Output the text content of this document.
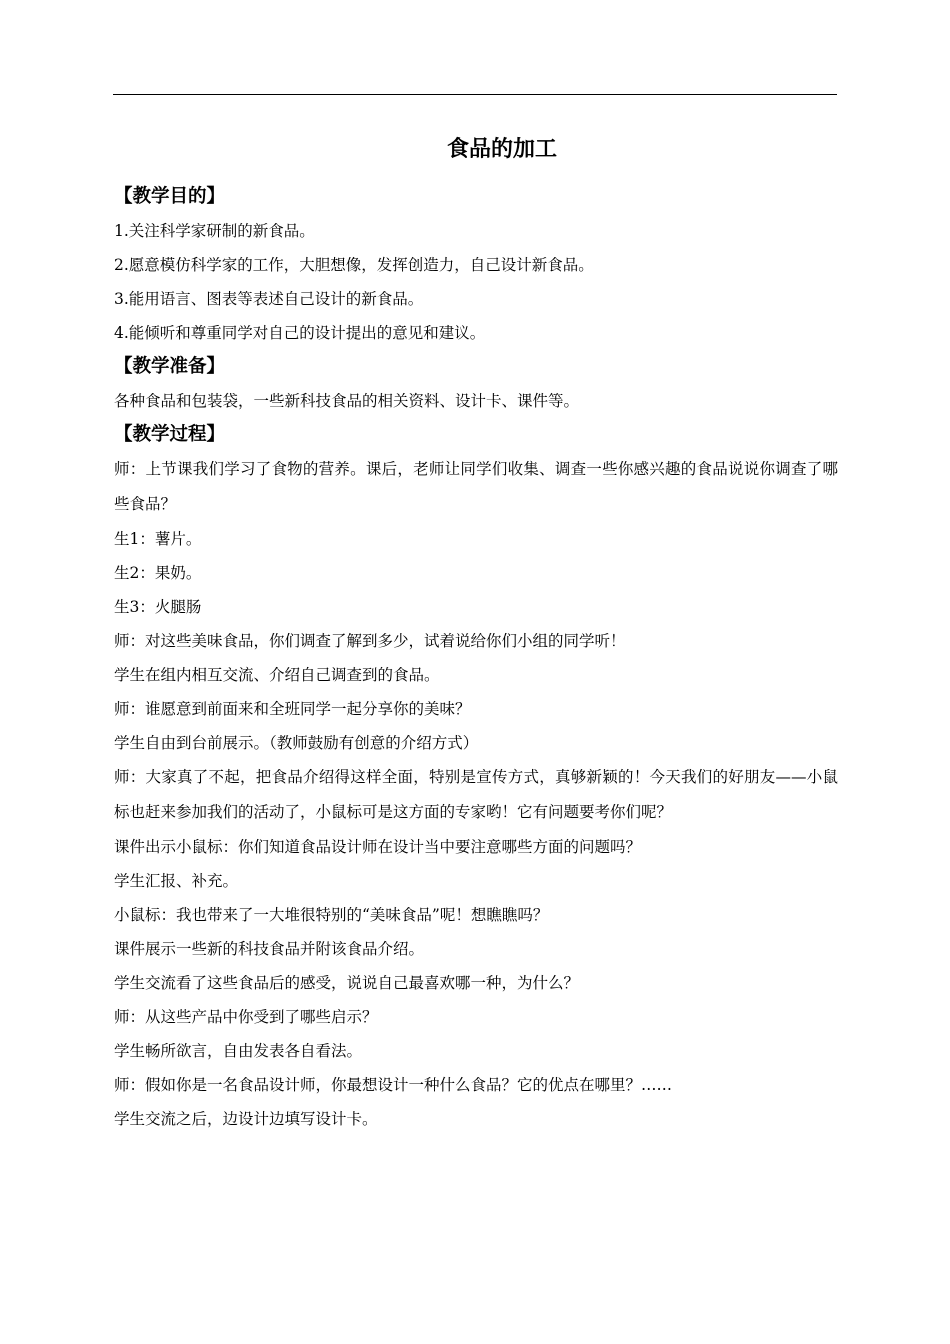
食品的加工
【教学目的】
1.关注科学家研制的新食品。
2.愿意模仿科学家的工作，大胆想像，发挥创造力，自己设计新食品。
3.能用语言、图表等表述自己设计的新食品。
4.能倾听和尊重同学对自己的设计提出的意见和建议。
【教学准备】
各种食品和包装袋，一些新科技食品的相关资料、设计卡、课件等。
【教学过程】
师：上节课我们学习了食物的营养。课后，老师让同学们收集、调查一些你感兴趣的食品说说你调查了哪些食品？
生1：薯片。
生2：果奶。
生3：火腿肠
师：对这些美味食品，你们调查了解到多少，试着说给你们小组的同学听！
学生在组内相互交流、介绍自己调查到的食品。
师：谁愿意到前面来和全班同学一起分享你的美味？
学生自由到台前展示。（教师鼓励有创意的介绍方式）
师：大家真了不起，把食品介绍得这样全面，特别是宣传方式，真够新颖的！今天我们的好朋友——小鼠标也赶来参加我们的活动了，小鼠标可是这方面的专家哟！它有问题要考你们呢？
课件出示小鼠标：你们知道食品设计师在设计当中要注意哪些方面的问题吗？
学生汇报、补充。
小鼠标：我也带来了一大堆很特别的“美味食品”呢！想瞧瞧吗？
课件展示一些新的科技食品并附该食品介绍。
学生交流看了这些食品后的感受，说说自己最喜欢哪一种，为什么？
师：从这些产品中你受到了哪些启示？
学生畅所欲言，自由发表各自看法。
师：假如你是一名食品设计师，你最想设计一种什么食品？它的优点在哪里？……
学生交流之后，边设计边填写设计卡。
